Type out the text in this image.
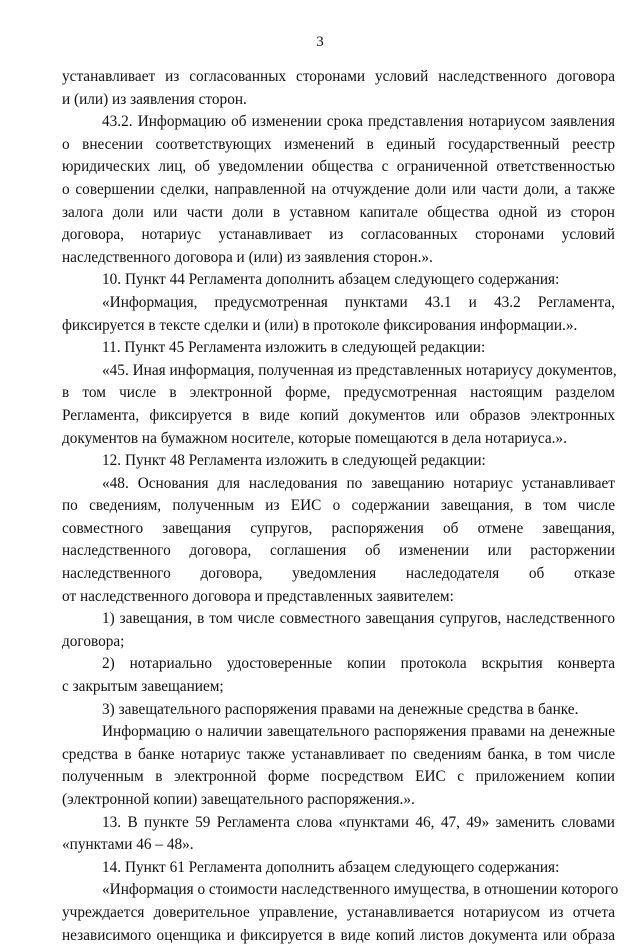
3
устанавливает из согласованных сторонами условий наследственного договора
и (или) из заявления сторон.
43.2. Информацию об изменении срока представления нотариусом заявления
о внесении соответствующих изменений в единый государственный реестр
юридических лиц, об уведомлении общества с ограниченной ответственностью
о совершении сделки, направленной на отчуждение доли или части доли, а также
залога доли или части доли в уставном капитале общества одной из сторон
договора, нотариус устанавливает из согласованных сторонами условий
наследственного договора и (или) из заявления сторон.».
10. Пункт 44 Регламента дополнить абзацем следующего содержания:
«Информация, предусмотренная пунктами 43.1 и 43.2 Регламента,
фиксируется в тексте сделки и (или) в протоколе фиксирования информации.».
11. Пункт 45 Регламента изложить в следующей редакции:
«45. Иная информация, полученная из представленных нотариусу документов,
в том числе в электронной форме, предусмотренная настоящим разделом
Регламента, фиксируется в виде копий документов или образов электронных
документов на бумажном носителе, которые помещаются в дела нотариуса.».
12. Пункт 48 Регламента изложить в следующей редакции:
«48. Основания для наследования по завещанию нотариус устанавливает
по сведениям, полученным из ЕИС о содержании завещания, в том числе
совместного завещания супругов, распоряжения об отмене завещания,
наследственного договора, соглашения об изменении или расторжении
наследственного договора, уведомления наследодателя об отказе
от наследственного договора и представленных заявителем:
1) завещания, в том числе совместного завещания супругов, наследственного
договора;
2) нотариально удостоверенные копии протокола вскрытия конверта
с закрытым завещанием;
3) завещательного распоряжения правами на денежные средства в банке.
Информацию о наличии завещательного распоряжения правами на денежные
средства в банке нотариус также устанавливает по сведениям банка, в том числе
полученным в электронной форме посредством ЕИС с приложением копии
(электронной копии) завещательного распоряжения.».
13. В пункте 59 Регламента слова «пунктами 46, 47, 49» заменить словами
«пунктами 46 – 48».
14. Пункт 61 Регламента дополнить абзацем следующего содержания:
«Информация о стоимости наследственного имущества, в отношении которого
учреждается доверительное управление, устанавливается нотариусом из отчета
независимого оценщика и фиксируется в виде копий листов документа или образа
